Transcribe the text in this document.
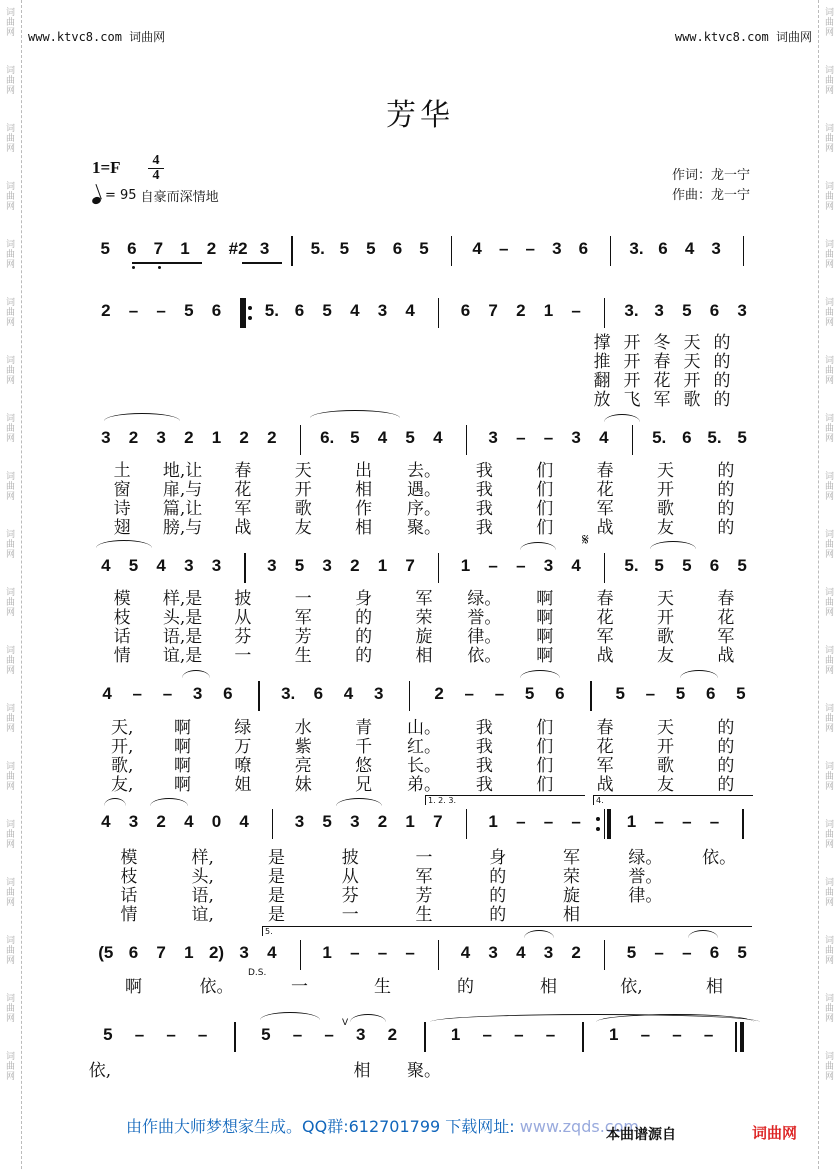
词
曲
网
词
曲
网
词
曲
网
词
曲
网
词
曲
网
词
曲
网
词
曲
网
词
曲
网
词
曲
网
词
曲
网
词
曲
网
词
曲
网
词
曲
网
词
曲
网
词
曲
网
词
曲
网
词
曲
网
词
曲
网
词
曲
网
词
曲
网
词
曲
网
词
曲
网
词
曲
网
词
曲
网
词
曲
网
词
曲
网
词
曲
网
词
曲
网
词
曲
网
词
曲
网
词
曲
网
词
曲
网
词
曲
网
词
曲
网
词
曲
网
词
曲
网
词
曲
网
词
曲
网
www.ktvc8.com 词曲网	www.ktvc8.com 词曲网
芳华
1=F	4
4
= 95 自豪而深情地
作词：龙一宁
作曲：龙一宁
5 6 7 1 2 #2 3 5. 5 5 6 5	4 – – 3 6 3. 6 4 3
2 – – 5 6	5. 6 5 4 3 4	6 7 2 1 –	3. 3 5 6 3
3 2 3 2 1 2 2	6. 5 4 5 4	3 – – 3 4	5. 6 5. 5
4 5 4 3 3	3 5 3 2 1 7	1 – – 3 4	5. 5 5 6 5
4 – – 3 6	3. 6 4 3	2 – – 5 6	5 – 5 6 5
4 3 2 4 0 4	3 5 3 2 1 7	1 – – –	1 – – –
(5 6 7 1 2) 3 4	1 – – –	4 3 4 3 2	5 – – 6 5
5 – – –	5 – – 3 2	1 – – –	1 – – –
撑 开 冬 天 的
推 开 春 天 的
翻 开 花 开 的
放 飞 军 歌 的
土 地,让 春	天	出 去。 我	们	春	天	的
窗 扉,与 花	开	相 遇。 我	们	花	开	的
诗 篇,让 军	歌	作 序。 我	们	军	歌	的
翅 膀,与 战	友	相 聚。 我	们	战	友	的
模 样,是 披	一	身	军 绿。 啊	春	天	春
枝 头,是 从	军	的	荣 誉。 啊	花	开	花
话 语,是 芬	芳	的	旋 律。 啊	军	歌	军
情 谊,是 一	生	的	相 依。 啊	战	友	战
天, 啊	绿	水	青 山。 我	们	春	天	的
开, 啊	万	紫	千 红。 我	们	花	开	的
歌, 啊	嘹	亮	悠 长。 我	们	军	歌	的
友, 啊	姐	妹	兄 弟。 我	们	战	友	的
模	样,	是	披	一	身	军	绿。 依。
枝	头,	是	从	军	的	荣	誉。
话	语,	是	芬	芳	的	旋	律。
情	谊,	是	一	生	的	相
啊	依。	一	生	的	相	依,	相
依,	相 聚。
1. 2. 3.	4.
5.
D.S.
𝄋
V
由作曲大师梦想家生成。QQ群:612701799 下载网址: www.zqds.com
本曲谱源自	词曲网
